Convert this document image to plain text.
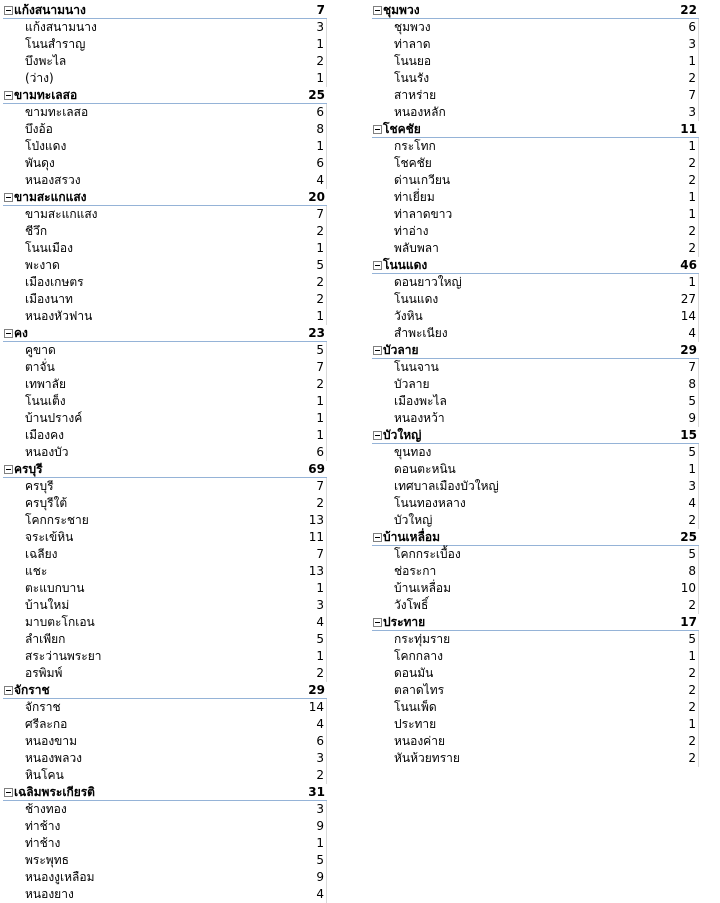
แก้งสนามนาง	7
แก้งสนามนาง	3
โนนสำราญ	1
บึงพะไล	2
(ว่าง)	1
ขามทะเลสอ	25
ขามทะเลสอ	6
บึงอ้อ	8
โป่งแดง	1
พันดุง	6
หนองสรวง	4
ขามสะแกแสง	20
ขามสะแกแสง	7
ชีวึก	2
โนนเมือง	1
พะงาด	5
เมืองเกษตร	2
เมืองนาท	2
หนองหัวฟาน	1
คง	23
คูขาด	5
ตาจั่น	7
เทพาลัย	2
โนนเต็ง	1
บ้านปรางค์	1
เมืองคง	1
หนองบัว	6
ครบุรี	69
ครบุรี	7
ครบุรีใต้	2
โคกกระชาย	13
จระเข้หิน	11
เฉลียง	7
แชะ	13
ตะแบกบาน	1
บ้านใหม่	3
มาบตะโกเอน	4
ลำเพียก	5
สระว่านพระยา	1
อรพิมพ์	2
จักราช	29
จักราช	14
ศรีละกอ	4
หนองขาม	6
หนองพลวง	3
หินโคน	2
เฉลิมพระเกียรติ	31
ช้างทอง	3
ท่าช้าง	9
ท่าช้าง	1
พระพุทธ	5
หนองงูเหลือม	9
หนองยาง	4
ชุมพวง	22
ชุมพวง	6
ท่าลาด	3
โนนยอ	1
โนนรัง	2
สาหร่าย	7
หนองหลัก	3
โชคชัย	11
กระโทก	1
โชคชัย	2
ด่านเกวียน	2
ท่าเยี่ยม	1
ท่าลาดขาว	1
ท่าอ่าง	2
พลับพลา	2
โนนแดง	46
ดอนยาวใหญ่	1
โนนแดง	27
วังหิน	14
สำพะเนียง	4
บัวลาย	29
โนนจาน	7
บัวลาย	8
เมืองพะไล	5
หนองหว้า	9
บัวใหญ่	15
ขุนทอง	5
ดอนตะหนิน	1
เทศบาลเมืองบัวใหญ่	3
โนนทองหลาง	4
บัวใหญ่	2
บ้านเหลื่อม	25
โคกกระเบื้อง	5
ช่อระกา	8
บ้านเหลื่อม	10
วังโพธิ์	2
ประทาย	17
กระทุ่มราย	5
โคกกลาง	1
ดอนมัน	2
ตลาดไทร	2
โนนเพ็ด	2
ประทาย	1
หนองค่าย	2
หันห้วยทราย	2
